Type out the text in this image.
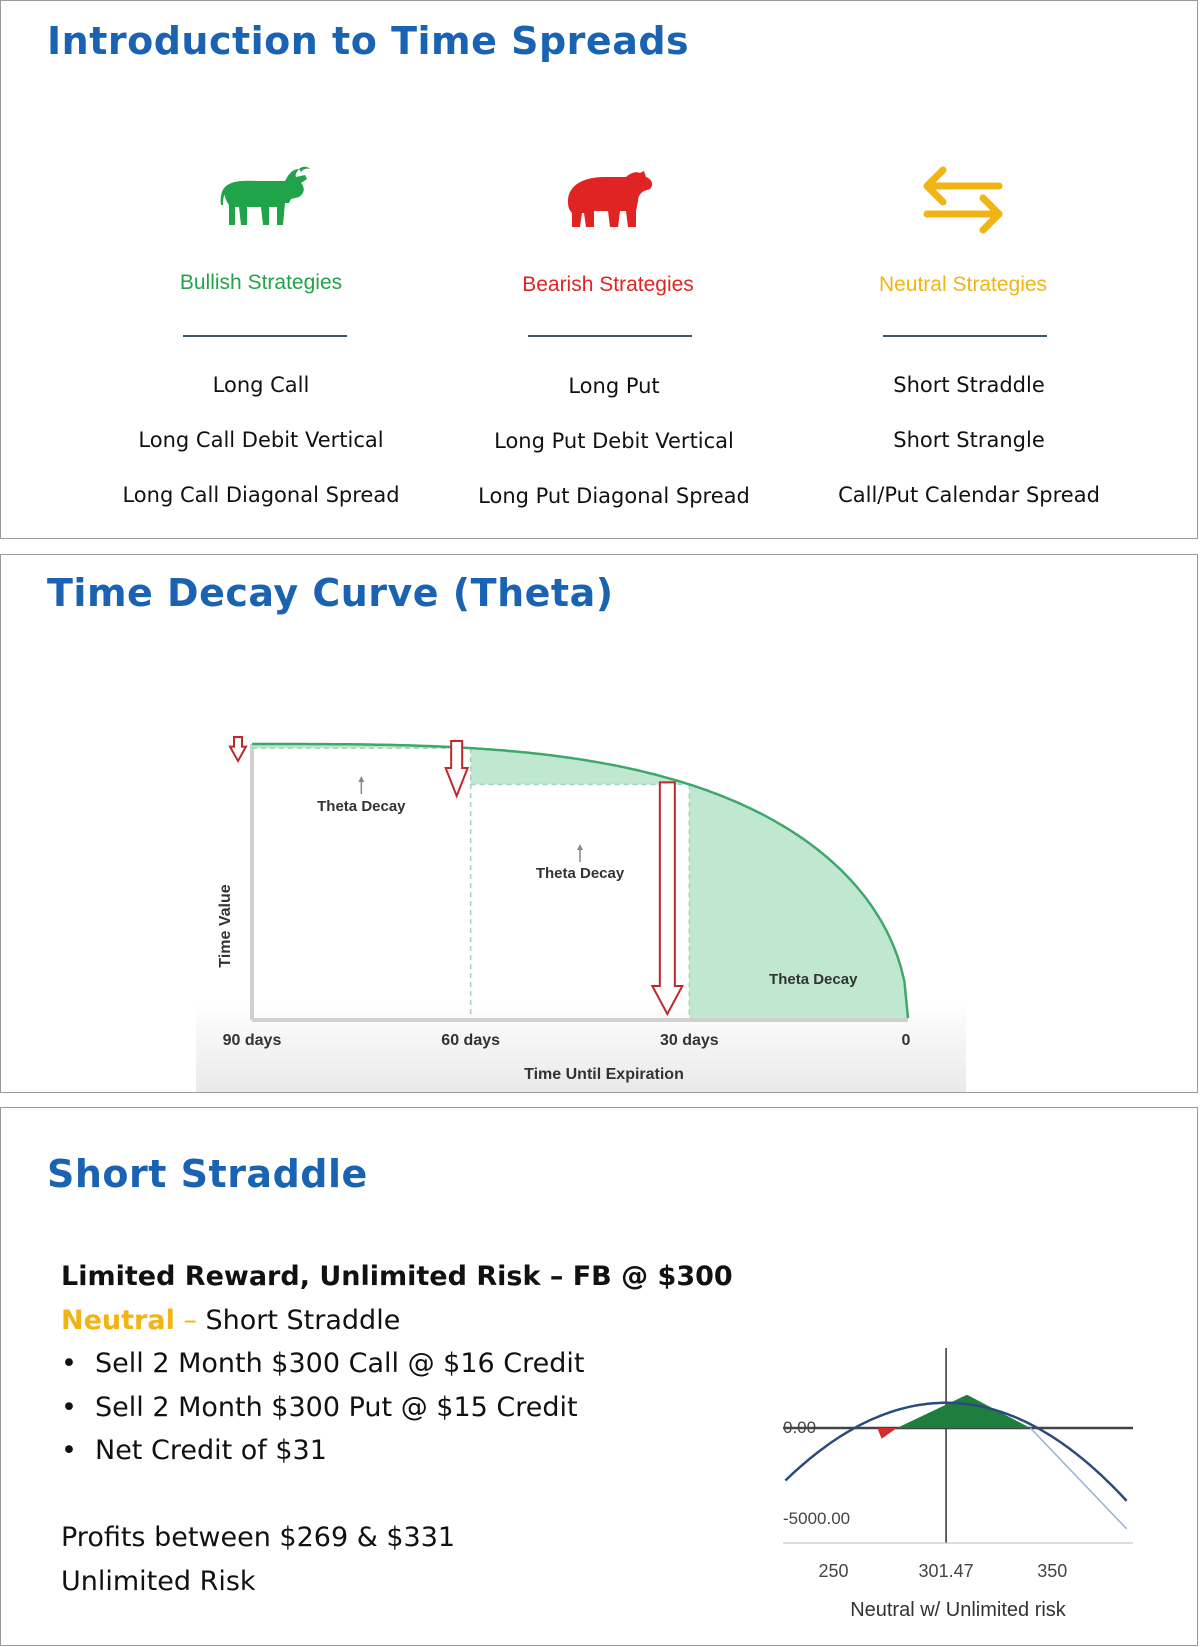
Introduction to Time Spreads
Bullish Strategies
Long Call
Long Call Debit Vertical
Long Call Diagonal Spread
Bearish Strategies
Long Put
Long Put Debit Vertical
Long Put Diagonal Spread
Neutral Strategies
Short Straddle
Short Strangle
Call/Put Calendar Spread
Time Decay Curve (Theta)
Time Value
90 days	60 days	30 days	0
Time Until Expiration
Theta Decay
Theta Decay
Theta Decay
Short Straddle
Limited Reward, Unlimited Risk – FB @ $300
Neutral – Short Straddle
• Sell 2 Month $300 Call @ $16 Credit
• Sell 2 Month $300 Put @ $15 Credit
• Net Credit of $31
Profits between $269 & $331
Unlimited Risk
0.00
-5000.00
250	301.47	350
Neutral w/ Unlimited risk
